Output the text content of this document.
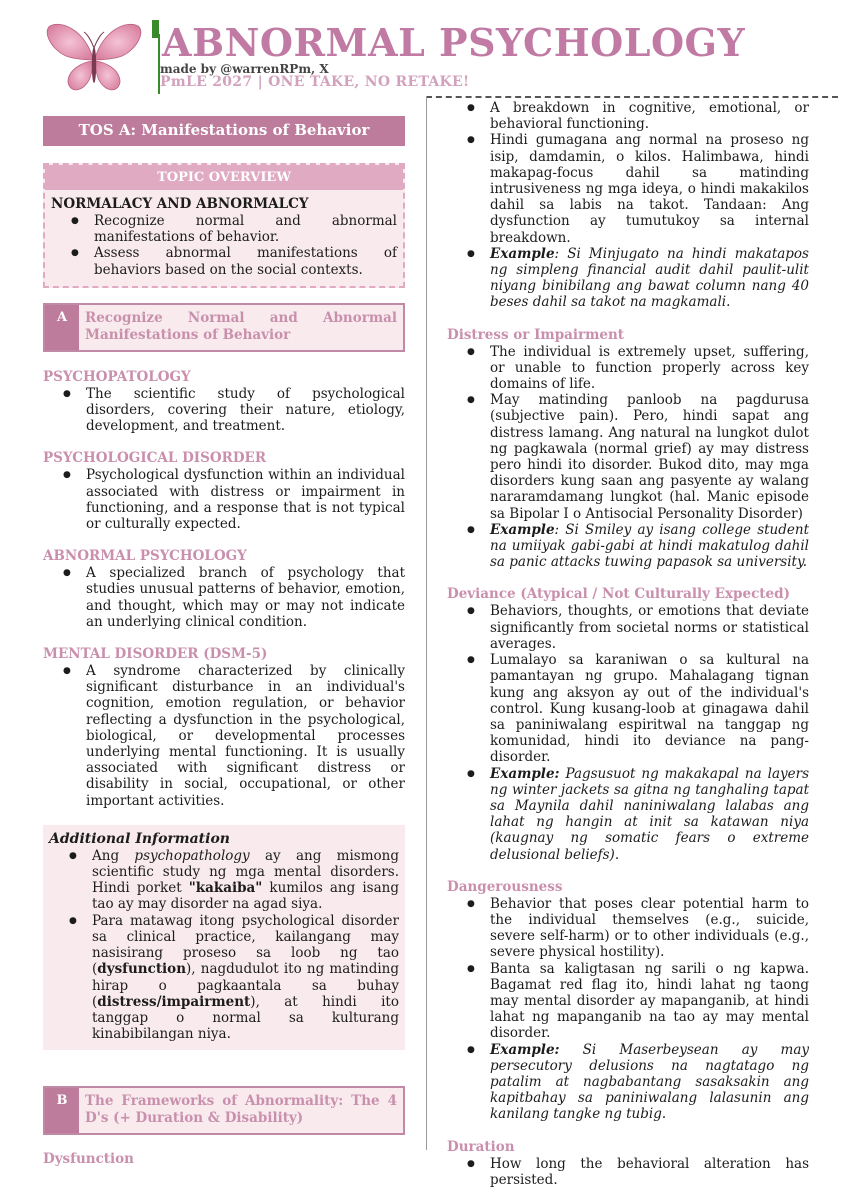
ABNORMAL PSYCHOLOGY
made by @warrenRPm, X
PmLE 2027 | ONE TAKE, NO RETAKE!
TOS A: Manifestations of Behavior
TOPIC OVERVIEW
NORMALACY AND ABNORMALCY
● Recognize normal and abnormal manifestations of behavior.
● Assess abnormal manifestations of behaviors based on the social contexts.
A	Recognize Normal and Abnormal Manifestations of Behavior
PSYCHOPATOLOGY
● The scientific study of psychological disorders, covering their nature, etiology, development, and treatment.
PSYCHOLOGICAL DISORDER
● Psychological dysfunction within an individual associated with distress or impairment in functioning, and a response that is not typical or culturally expected.
ABNORMAL PSYCHOLOGY
● A specialized branch of psychology that studies unusual patterns of behavior, emotion, and thought, which may or may not indicate an underlying clinical condition.
MENTAL DISORDER (DSM-5)
● A syndrome characterized by clinically significant disturbance in an individual's cognition, emotion regulation, or behavior reflecting a dysfunction in the psychological, biological, or developmental processes underlying mental functioning. It is usually associated with significant distress or disability in social, occupational, or other important activities.
Additional Information
● Ang psychopathology ay ang mismong scientific study ng mga mental disorders. Hindi porket "kakaiba" kumilos ang isang tao ay may disorder na agad siya.
● Para matawag itong psychological disorder sa clinical practice, kailangang may nasisirang proseso sa loob ng tao (dysfunction), nagdudulot ito ng matinding hirap o pagkaantala sa buhay (distress/impairment), at hindi ito tanggap o normal sa kulturang kinabibilangan niya.
B	The Frameworks of Abnormality: The 4 D's (+ Duration & Disability)
Dysfunction
● A breakdown in cognitive, emotional, or behavioral functioning.
● Hindi gumagana ang normal na proseso ng isip, damdamin, o kilos. Halimbawa, hindi makapag-focus dahil sa matinding intrusiveness ng mga ideya, o hindi makakilos dahil sa labis na takot. Tandaan: Ang dysfunction ay tumutukoy sa internal breakdown.
● Example: Si Minjugato na hindi makatapos ng simpleng financial audit dahil paulit-ulit niyang binibilang ang bawat column nang 40 beses dahil sa takot na magkamali.
Distress or Impairment
● The individual is extremely upset, suffering, or unable to function properly across key domains of life.
● May matinding panloob na pagdurusa (subjective pain). Pero, hindi sapat ang distress lamang. Ang natural na lungkot dulot ng pagkawala (normal grief) ay may distress pero hindi ito disorder. Bukod dito, may mga disorders kung saan ang pasyente ay walang nararamdamang lungkot (hal. Manic episode sa Bipolar I o Antisocial Personality Disorder)
● Example: Si Smiley ay isang college student na umiiyak gabi-gabi at hindi makatulog dahil sa panic attacks tuwing papasok sa university.
Deviance (Atypical / Not Culturally Expected)
● Behaviors, thoughts, or emotions that deviate significantly from societal norms or statistical averages.
● Lumalayo sa karaniwan o sa kultural na pamantayan ng grupo. Mahalagang tignan kung ang aksyon ay out of the individual's control. Kung kusang-loob at ginagawa dahil sa paniniwalang espiritwal na tanggap ng komunidad, hindi ito deviance na pang-disorder.
● Example: Pagsusuot ng makakapal na layers ng winter jackets sa gitna ng tanghaling tapat sa Maynila dahil naniniwalang lalabas ang lahat ng hangin at init sa katawan niya (kaugnay ng somatic fears o extreme delusional beliefs).
Dangerousness
● Behavior that poses clear potential harm to the individual themselves (e.g., suicide, severe self-harm) or to other individuals (e.g., severe physical hostility).
● Banta sa kaligtasan ng sarili o ng kapwa. Bagamat red flag ito, hindi lahat ng taong may mental disorder ay mapanganib, at hindi lahat ng mapanganib na tao ay may mental disorder.
● Example: Si Maserbeysean ay may persecutory delusions na nagtatago ng patalim at nagbabantang sasaksakin ang kapitbahay sa paniniwalang lalasunin ang kanilang tangke ng tubig.
Duration
● How long the behavioral alteration has persisted.
